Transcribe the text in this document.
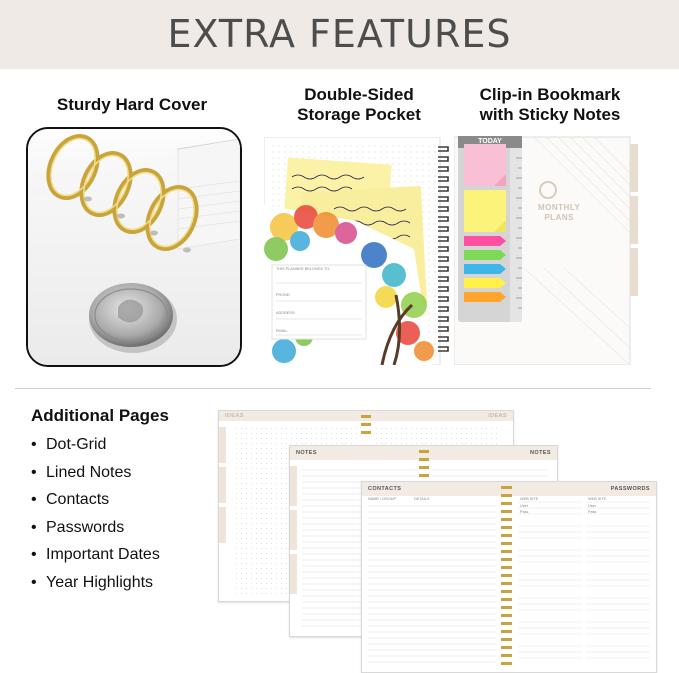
EXTRA FEATURES
Sturdy Hard Cover
Double-Sided
Storage Pocket
Clip-in Bookmark
with Sticky Notes
THIS PLANNER BELONGS TO:
PHONE:
ADDRESS:
EMAIL:
TODAY
MONTHLY
PLANS
Additional Pages
• Dot-Grid
• Lined Notes
• Contacts
• Passwords
• Important Dates
• Year Highlights
IDEAS	IDEAS
NOTES	NOTES
CONTACTS	PASSWORDS
NAME / GROUP	DETAILS	WEB SITE	WEB SITE
User
Pass
User
Pass
